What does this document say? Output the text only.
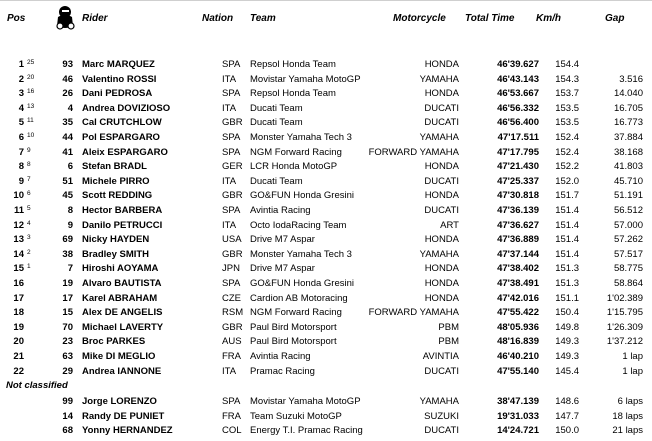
Pos	Rider	Nation Team	Motorcycle Total Time Km/h	Gap
1 25	93 Marc MARQUEZ	SPA Repsol Honda Team	HONDA	46'39.627	154.4
2 20	46 Valentino ROSSI	ITA Movistar Yamaha MotoGP	YAMAHA	46'43.143	154.3	3.516
3 16	26 Dani PEDROSA	SPA Repsol Honda Team	HONDA	46'53.667	153.7	14.040
4 13	4 Andrea DOVIZIOSO	ITA Ducati Team	DUCATI	46'56.332	153.5	16.705
5 11	35 Cal CRUTCHLOW	GBR Ducati Team	DUCATI	46'56.400	153.5	16.773
6 10	44 Pol ESPARGARO	SPA Monster Yamaha Tech 3	YAMAHA	47'17.511	152.4	37.884
7 9	41 Aleix ESPARGARO	SPA NGM Forward Racing	FORWARD YAMAHA	47'17.795	152.4	38.168
8 8	6 Stefan BRADL	GER LCR Honda MotoGP	HONDA	47'21.430	152.2	41.803
9 7	51 Michele PIRRO	ITA Ducati Team	DUCATI	47'25.337	152.0	45.710
10 6	45 Scott REDDING	GBR GO&FUN Honda Gresini	HONDA	47'30.818	151.7	51.191
11 5	8 Hector BARBERA	SPA Avintia Racing	DUCATI	47'36.139	151.4	56.512
12 4	9 Danilo PETRUCCI	ITA Octo IodaRacing Team	ART	47'36.627	151.4	57.000
13 3	69 Nicky HAYDEN	USA Drive M7 Aspar	HONDA	47'36.889	151.4	57.262
14 2	38 Bradley SMITH	GBR Monster Yamaha Tech 3	YAMAHA	47'37.144	151.4	57.517
15 1	7 Hiroshi AOYAMA	JPN Drive M7 Aspar	HONDA	47'38.402	151.3	58.775
16	19 Alvaro BAUTISTA	SPA GO&FUN Honda Gresini	HONDA	47'38.491	151.3	58.864
17	17 Karel ABRAHAM	CZE Cardion AB Motoracing	HONDA	47'42.016	151.1	1'02.389
18	15 Alex DE ANGELIS	RSM NGM Forward Racing	FORWARD YAMAHA	47'55.422	150.4	1'15.795
19	70 Michael LAVERTY	GBR Paul Bird Motorsport	PBM	48'05.936	149.8	1'26.309
20	23 Broc PARKES	AUS Paul Bird Motorsport	PBM	48'16.839	149.3	1'37.212
21	63 Mike DI MEGLIO	FRA Avintia Racing	AVINTIA	46'40.210	149.3	1 lap
22	29 Andrea IANNONE	ITA Pramac Racing	DUCATI	47'55.140	145.4	1 lap
Not classified
99 Jorge LORENZO	SPA Movistar Yamaha MotoGP	YAMAHA	38'47.139	148.6	6 laps
14 Randy DE PUNIET	FRA Team Suzuki MotoGP	SUZUKI	19'31.033	147.7	18 laps
68 Yonny HERNANDEZ	COL Energy T.I. Pramac Racing	DUCATI	14'24.721	150.0	21 laps
